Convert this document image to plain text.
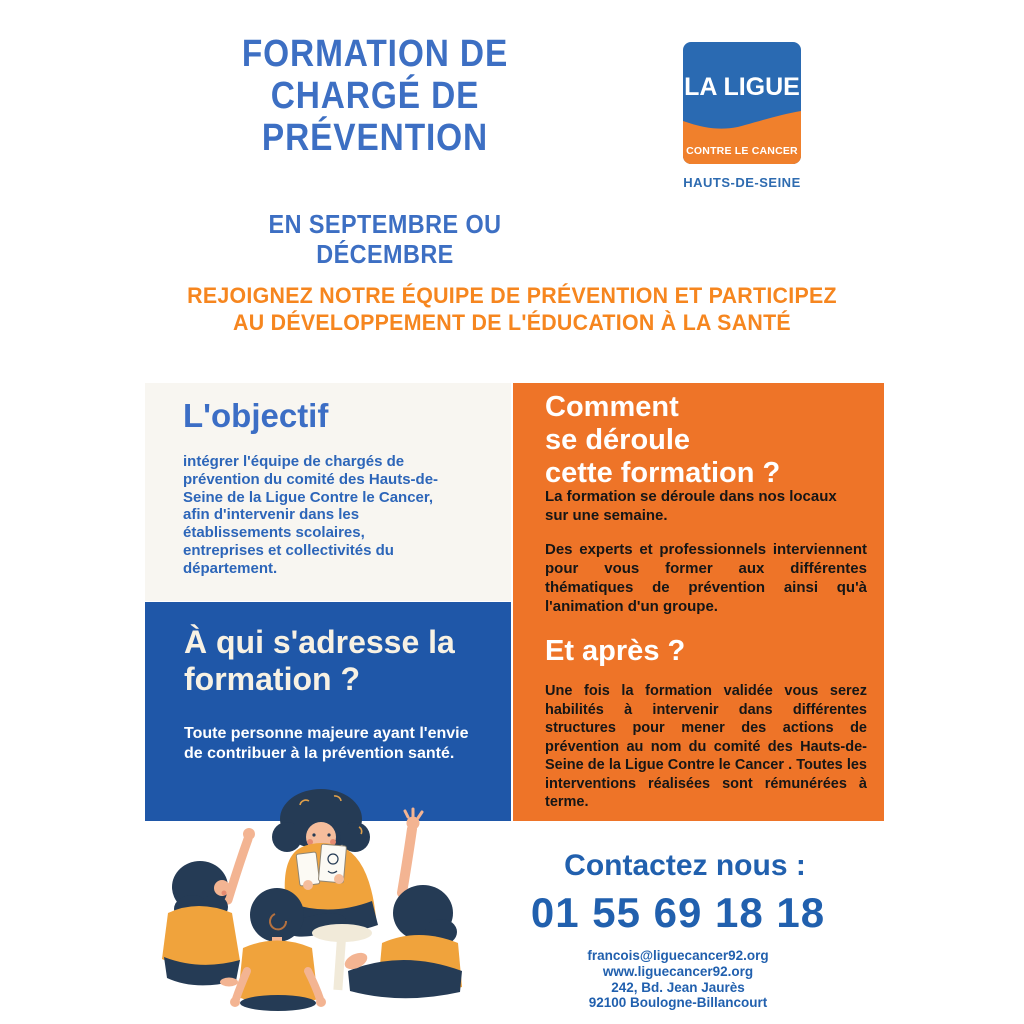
FORMATION DE
CHARGÉ DE
PRÉVENTION
LA LIGUE
CONTRE LE CANCER
HAUTS-DE-SEINE
EN SEPTEMBRE OU
DÉCEMBRE
REJOIGNEZ NOTRE ÉQUIPE DE PRÉVENTION ET PARTICIPEZ
AU DÉVELOPPEMENT DE L'ÉDUCATION À LA SANTÉ
L'objectif
intégrer l'équipe de chargés de prévention du comité des Hauts-de-Seine de la Ligue Contre le Cancer, afin d'intervenir dans les établissements scolaires, entreprises et collectivités du département.
À qui s'adresse la formation ?
Toute personne majeure ayant l'envie de contribuer à la prévention santé.
Comment
se déroule
cette formation ?
La formation se déroule dans nos locaux sur une semaine.
Des experts et professionnels interviennent pour vous former aux différentes thématiques de prévention ainsi qu'à l'animation d'un groupe.
Et après ?
Une fois la formation validée vous serez habilités à intervenir dans différentes structures pour mener des actions de prévention au nom du comité des Hauts-de-Seine de la Ligue Contre le Cancer . Toutes les interventions réalisées sont rémunérées à terme.
Contactez nous :
01 55 69 18 18
francois@liguecancer92.org
www.liguecancer92.org
242, Bd. Jean Jaurès
92100 Boulogne-Billancourt
